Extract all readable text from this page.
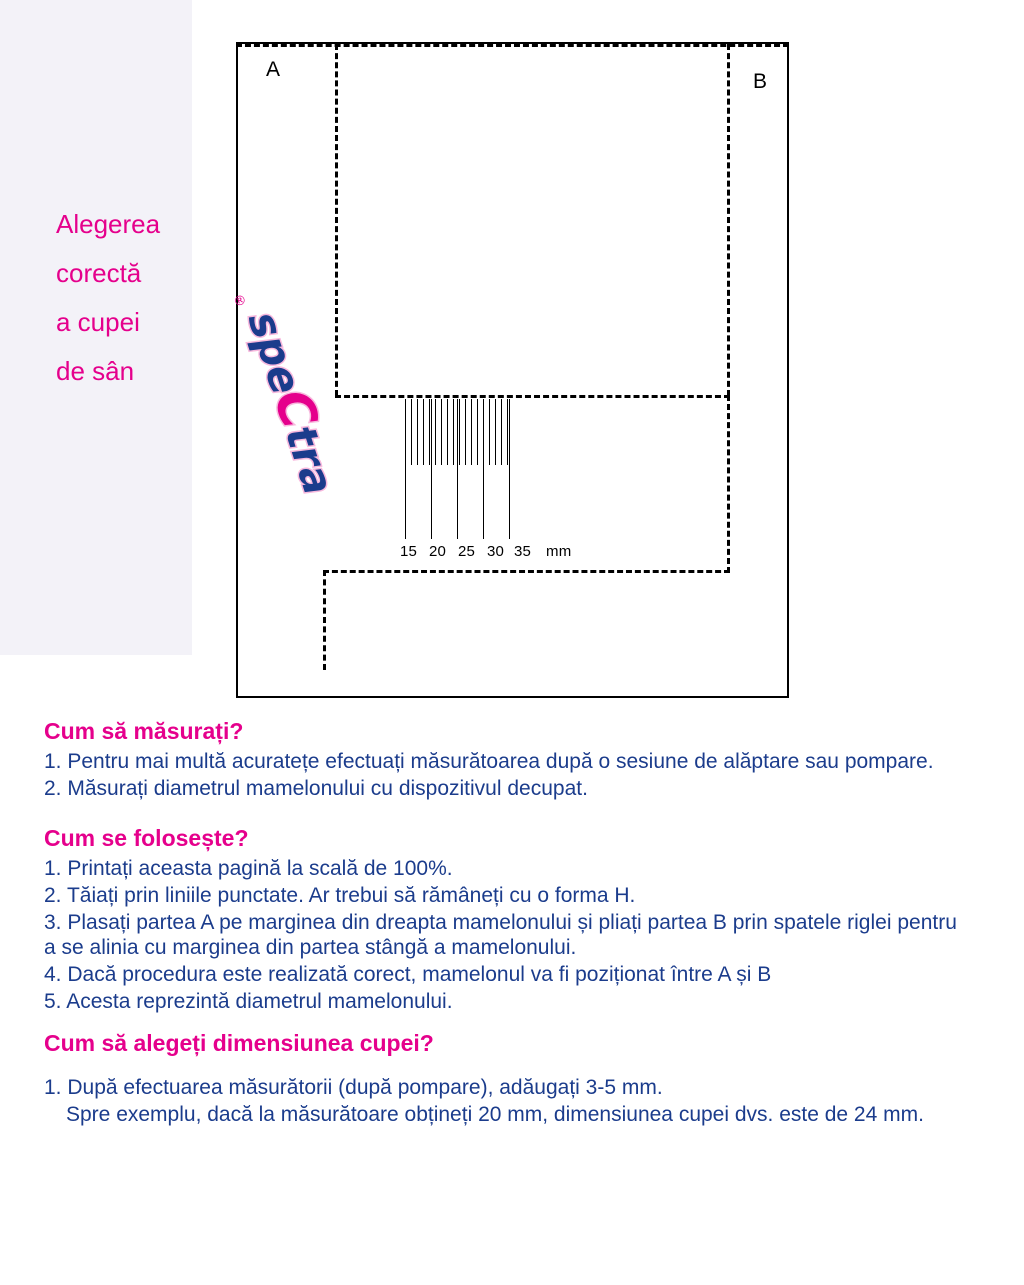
Alegerea
corectă
a cupei
de sân
A
B
15 20 25 30 35 mm
®
speCtra
Cum să măsurați?

1. Pentru mai multă acuratețe efectuați măsurătoarea după o sesiune de alăptare sau pompare.

2. Măsurați diametrul mamelonului cu dispozitivul decupat.

Cum se folosește?

1. Printați aceasta pagină la scală de 100%.

2. Tăiați prin liniile punctate. Ar trebui să rămâneți cu o forma H.

3. Plasați partea A pe marginea din dreapta mamelonului și pliați partea B prin spatele riglei pentru a se alinia cu marginea din partea stângă a mamelonului.

4. Dacă procedura este realizată corect, mamelonul va fi poziționat între A și B

5. Acesta reprezintă diametrul mamelonului.

Cum să alegeți dimensiunea cupei?

1. După efectuarea măsurătorii (după pompare), adăugați 3-5 mm.

Spre exemplu, dacă la măsurătoare obțineți 20 mm, dimensiunea cupei dvs. este de 24 mm.
